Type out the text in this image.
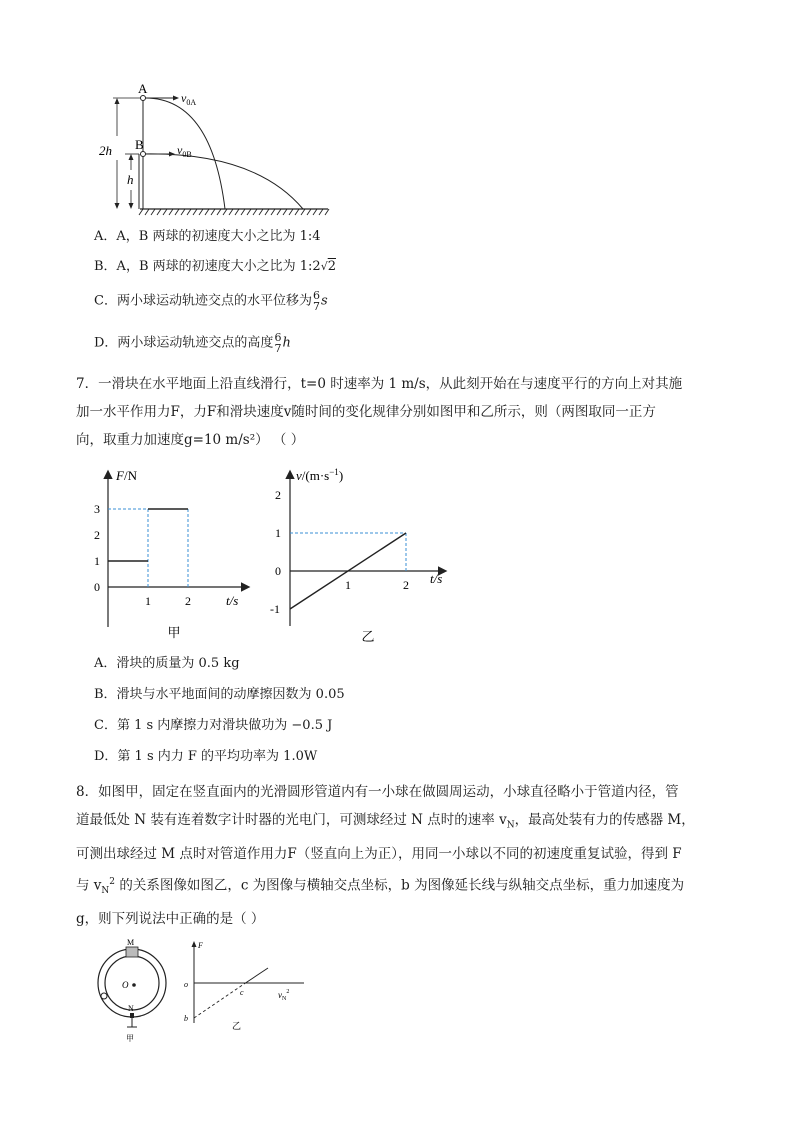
A
B
$v_{0A}$
$v_{0B}$
2h
h
A．A，B 两球的初速度大小之比为 1:4
B．A，B 两球的初速度大小之比为 1:2√2
C．两小球运动轨迹交点的水平位移为 6
7 s
D．两小球运动轨迹交点的高度 6
7 h

7．一滑块在水平地面上沿直线滑行，t=0 时速率为 1 m/s，从此刻开始在与速度平行的方向上对其施

加一水平作用力F，力F和滑块速度v随时间的变化规律分别如图甲和乙所示，则（两图取同一正方

向，取重力加速度g=10 m/s²） （ ）

0
1
2
3
1	2
F/N
t/s
甲
2
1
0
-1
1	2
$v/(m\cdot s^{-1})$
t/s
乙
A．滑块的质量为 0.5 kg
B．滑块与水平地面间的动摩擦因数为 0.05
C．第 1 s 内摩擦力对滑块做功为 −0.5 J
D．第 1 s 内力 F 的平均功率为 1.0W

8．如图甲，固定在竖直面内的光滑圆形管道内有一小球在做圆周运动，小球直径略小于管道内径，管

道最低处 N 装有连着数字计时器的光电门，可测球经过 N 点时的速率 $v_N$，最高处装有力的传感器 M，

可测出球经过 M 点时对管道作用力F（竖直向上为正），用同一小球以不同的初速度重复试验，得到 F

与 $v_N^2$ 的关系图像如图乙，c 为图像与横轴交点坐标，b 为图像延长线与纵轴交点坐标，重力加速度为

g，则下列说法中正确的是（ ）

M
O
N
甲
F
o
b
c	$v_N^2$
乙
